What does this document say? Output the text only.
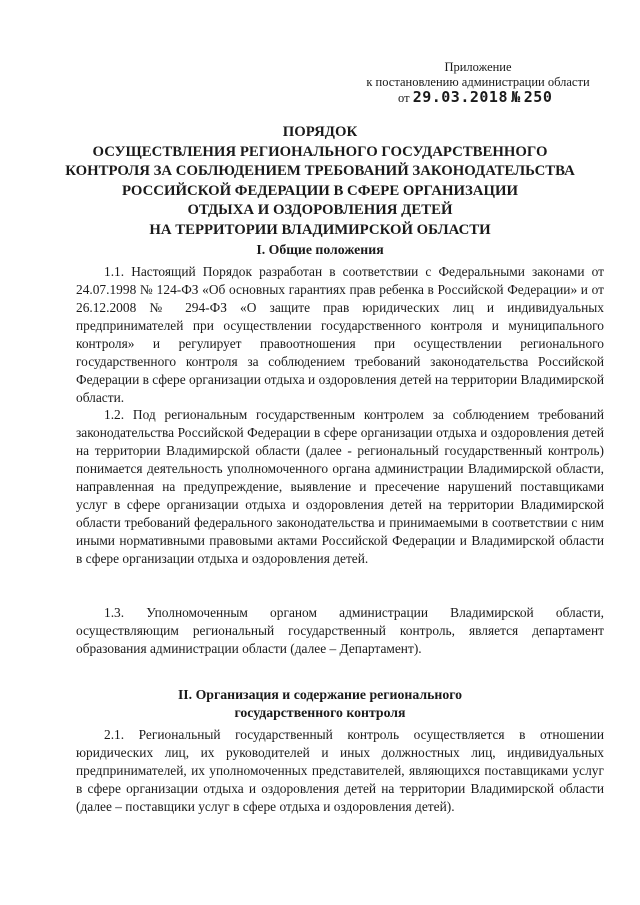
Приложение
к постановлению администрации области
от 29.03.2018 № 250
ПОРЯДОК
ОСУЩЕСТВЛЕНИЯ РЕГИОНАЛЬНОГО ГОСУДАРСТВЕННОГО
КОНТРОЛЯ ЗА СОБЛЮДЕНИЕМ ТРЕБОВАНИЙ ЗАКОНОДАТЕЛЬСТВА
РОССИЙСКОЙ ФЕДЕРАЦИИ В СФЕРЕ ОРГАНИЗАЦИИ
ОТДЫХА И ОЗДОРОВЛЕНИЯ ДЕТЕЙ
НА ТЕРРИТОРИИ ВЛАДИМИРСКОЙ ОБЛАСТИ
I. Общие положения
1.1. Настоящий Порядок разработан в соответствии с Федеральными законами от 24.07.1998 № 124-ФЗ «Об основных гарантиях прав ребенка в Российской Федерации» и от 26.12.2008 № 294-ФЗ «О защите прав юридических лиц и индивидуальных предпринимателей при осуществлении государственного контроля и муниципального контроля» и регулирует правоотношения при осуществлении регионального государственного контроля за соблюдением требований законодательства Российской Федерации в сфере организации отдыха и оздоровления детей на территории Владимирской области.
1.2. Под региональным государственным контролем за соблюдением требований законодательства Российской Федерации в сфере организации отдыха и оздоровления детей на территории Владимирской области (далее - региональный государственный контроль) понимается деятельность уполномоченного органа администрации Владимирской области, направленная на предупреждение, выявление и пресечение нарушений поставщиками услуг в сфере организации отдыха и оздоровления детей на территории Владимирской области требований федерального законодательства и принимаемыми в соответствии с ним иными нормативными правовыми актами Российской Федерации и Владимирской области в сфере организации отдыха и оздоровления детей.
1.3. Уполномоченным органом администрации Владимирской области, осуществляющим региональный государственный контроль, является департамент образования администрации области (далее – Департамент).
II. Организация и содержание регионального
государственного контроля
2.1. Региональный государственный контроль осуществляется в отношении юридических лиц, их руководителей и иных должностных лиц, индивидуальных предпринимателей, их уполномоченных представителей, являющихся поставщиками услуг в сфере организации отдыха и оздоровления детей на территории Владимирской области (далее – поставщики услуг в сфере отдыха и оздоровления детей).
